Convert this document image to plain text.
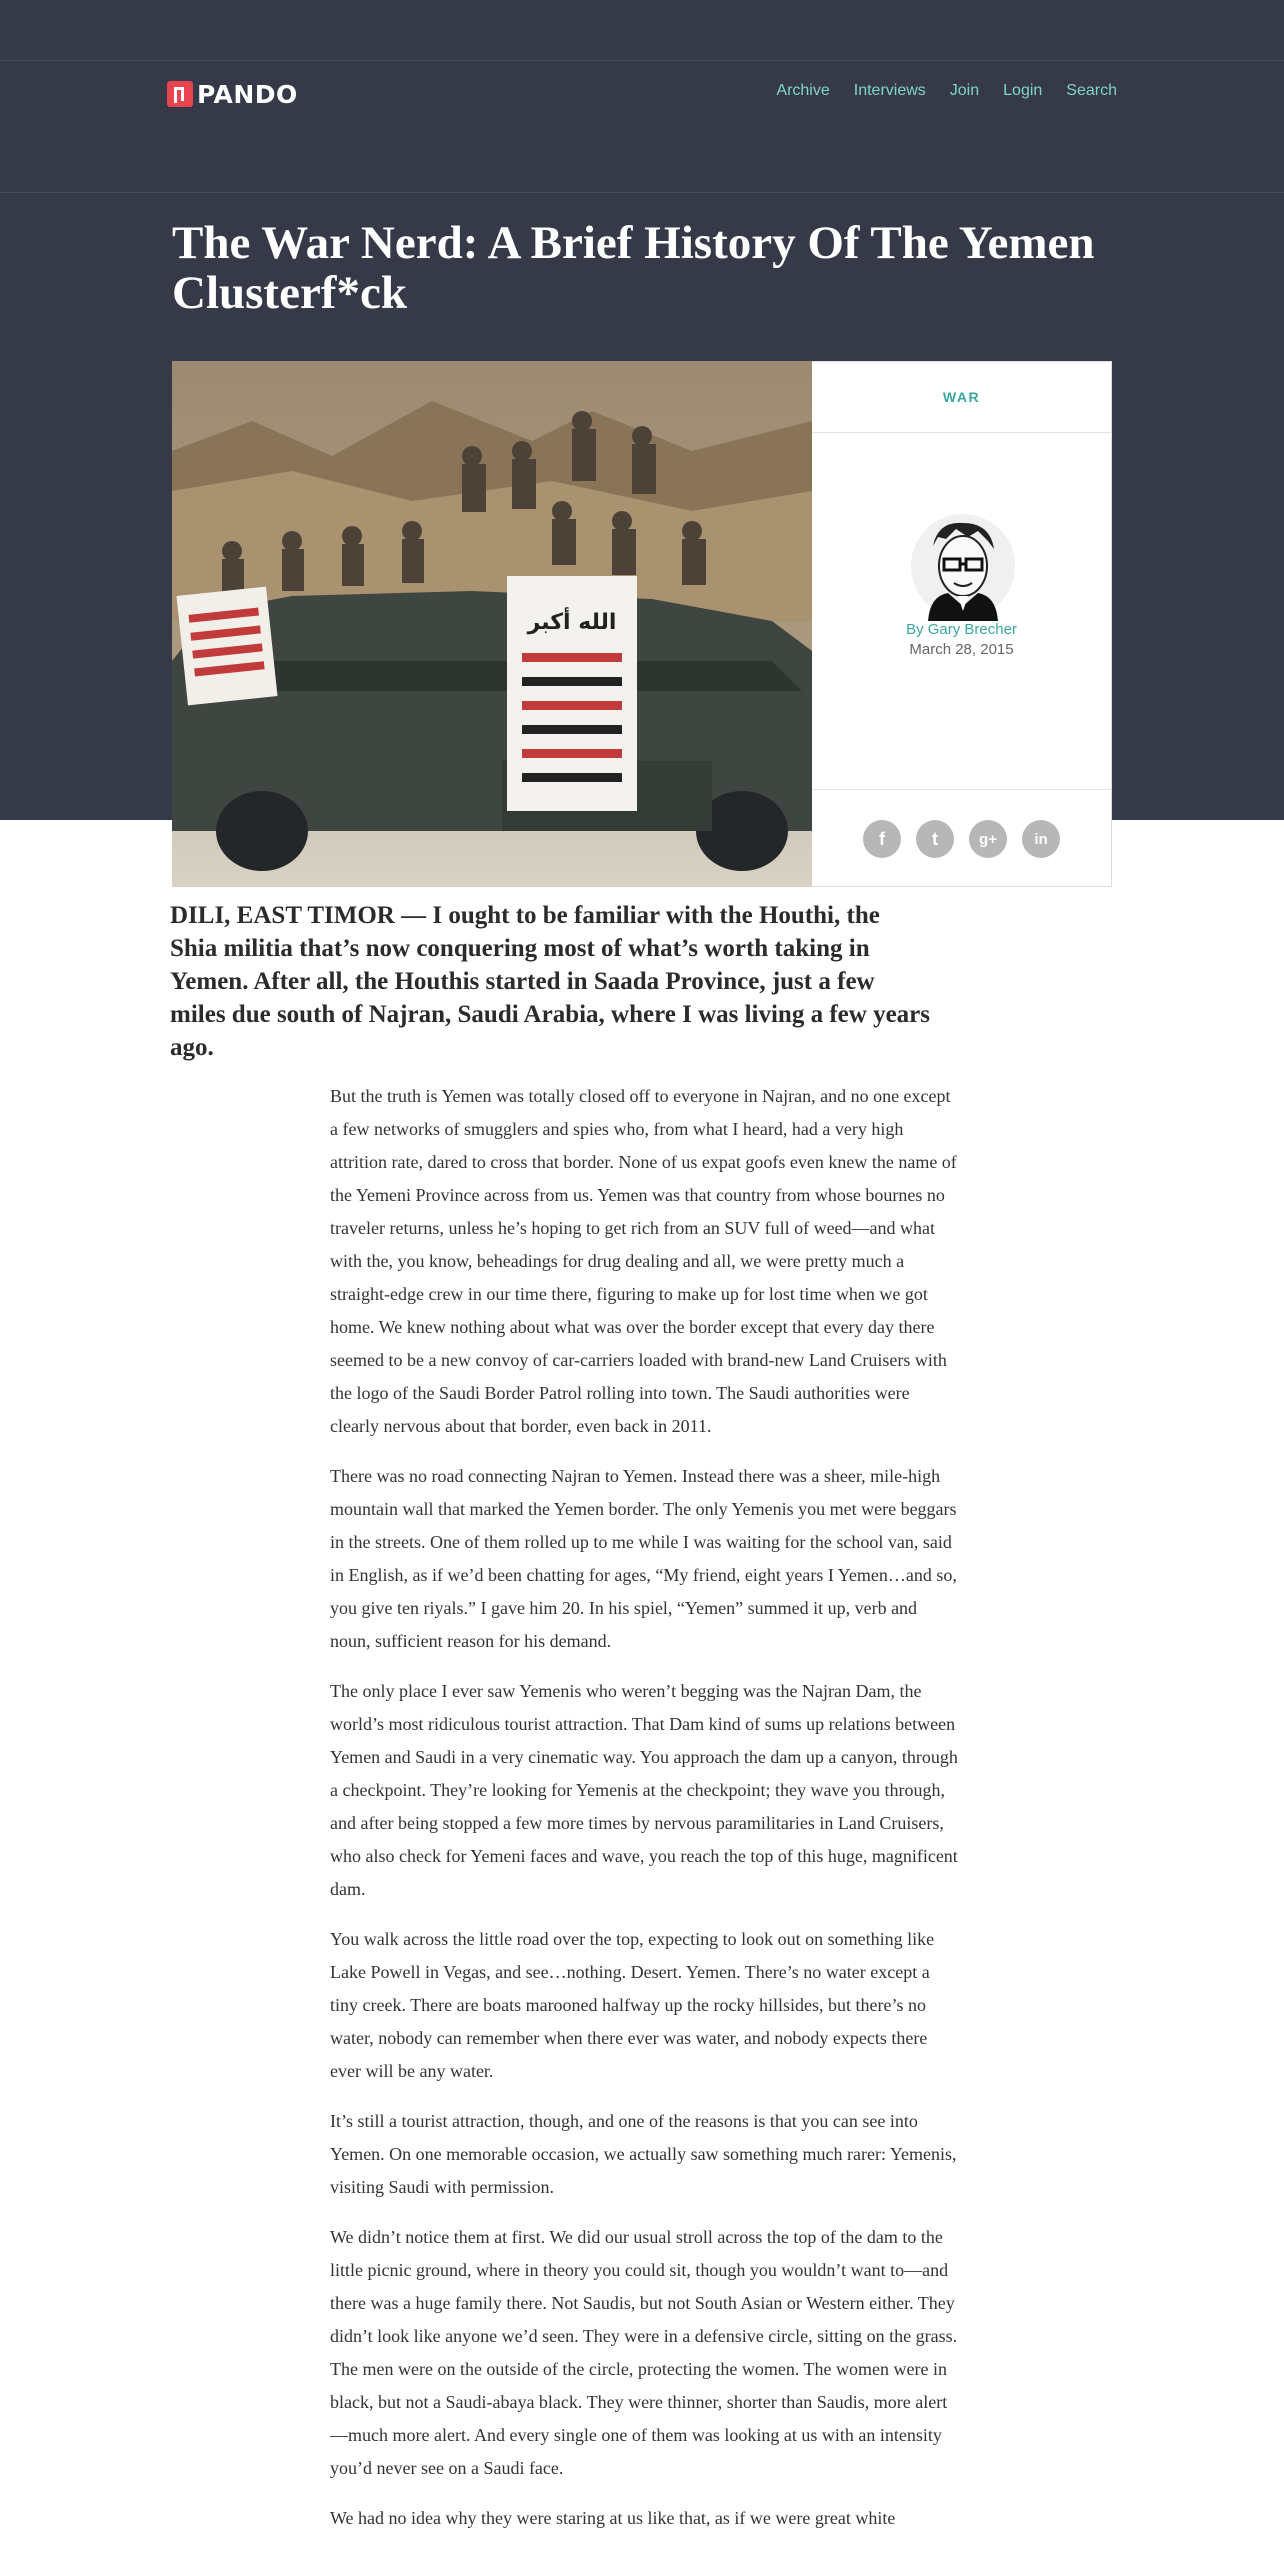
PANDO	Archive Interviews Join Login Search
The War Nerd: A Brief History Of The Yemen Clusterf*ck
الله أكبر
WAR
By Gary Brecher
March 28, 2015
f	t	g+ in

DILI, EAST TIMOR — I ought to be familiar with the Houthi, the Shia militia that’s now conquering most of what’s worth taking in Yemen. After all, the Houthis started in Saada Province, just a few miles due south of Najran, Saudi Arabia, where I was living a few years ago.

But the truth is Yemen was totally closed off to everyone in Najran, and no one except a few networks of smugglers and spies who, from what I heard, had a very high attrition rate, dared to cross that border. None of us expat goofs even knew the name of the Yemeni Province across from us. Yemen was that country from whose bournes no traveler returns, unless he’s hoping to get rich from an SUV full of weed—and what with the, you know, beheadings for drug dealing and all, we were pretty much a straight-edge crew in our time there, figuring to make up for lost time when we got home. We knew nothing about what was over the border except that every day there seemed to be a new convoy of car-carriers loaded with brand-new Land Cruisers with the logo of the Saudi Border Patrol rolling into town. The Saudi authorities were clearly nervous about that border, even back in 2011.

There was no road connecting Najran to Yemen. Instead there was a sheer, mile-high mountain wall that marked the Yemen border. The only Yemenis you met were beggars in the streets. One of them rolled up to me while I was waiting for the school van, said in English, as if we’d been chatting for ages, “My friend, eight years I Yemen…and so, you give ten riyals.” I gave him 20. In his spiel, “Yemen” summed it up, verb and noun, sufficient reason for his demand.

The only place I ever saw Yemenis who weren’t begging was the Najran Dam, the world’s most ridiculous tourist attraction. That Dam kind of sums up relations between Yemen and Saudi in a very cinematic way. You approach the dam up a canyon, through a checkpoint. They’re looking for Yemenis at the checkpoint; they wave you through, and after being stopped a few more times by nervous paramilitaries in Land Cruisers, who also check for Yemeni faces and wave, you reach the top of this huge, magnificent dam.

You walk across the little road over the top, expecting to look out on something like Lake Powell in Vegas, and see…nothing. Desert. Yemen. There’s no water except a tiny creek. There are boats marooned halfway up the rocky hillsides, but there’s no water, nobody can remember when there ever was water, and nobody expects there ever will be any water.

It’s still a tourist attraction, though, and one of the reasons is that you can see into Yemen. On one memorable occasion, we actually saw something much rarer: Yemenis, visiting Saudi with permission.

We didn’t notice them at first. We did our usual stroll across the top of the dam to the little picnic ground, where in theory you could sit, though you wouldn’t want to—and there was a huge family there. Not Saudis, but not South Asian or Western either. They didn’t look like anyone we’d seen. They were in a defensive circle, sitting on the grass. The men were on the outside of the circle, protecting the women. The women were in black, but not a Saudi-abaya black. They were thinner, shorter than Saudis, more alert—much more alert. And every single one of them was looking at us with an intensity you’d never see on a Saudi face.

We had no idea why they were staring at us like that, as if we were great white
